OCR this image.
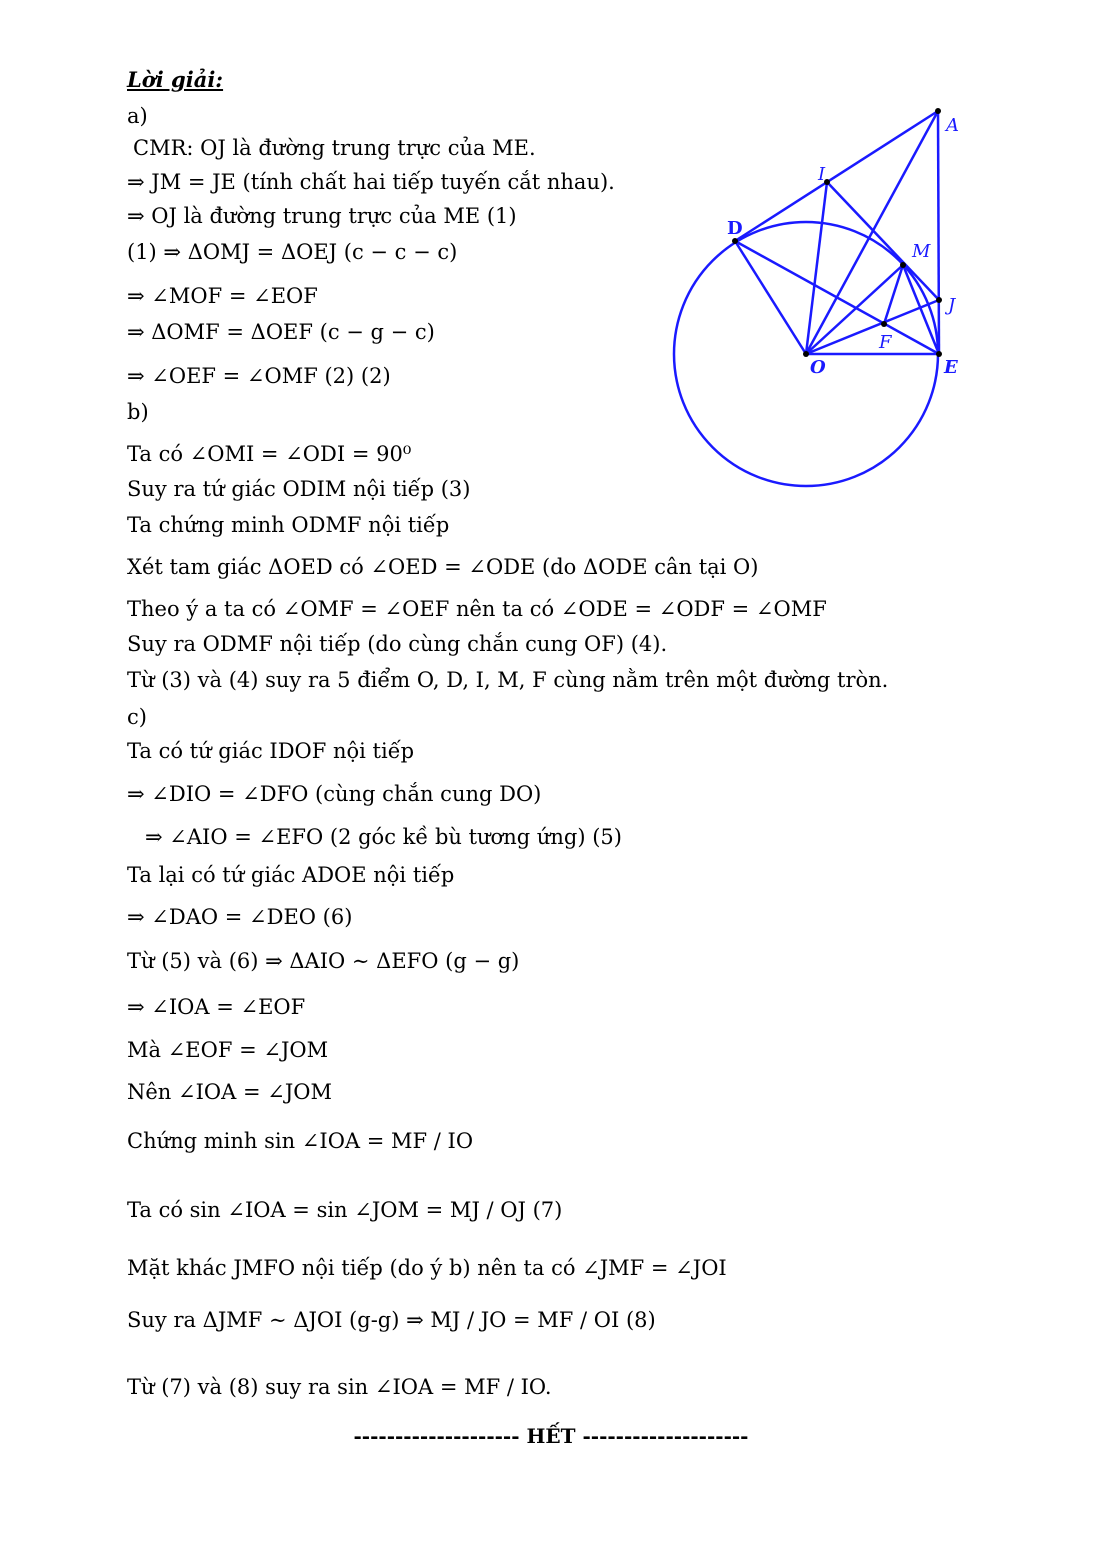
Lời giải:
a)
CMR: OJ là đường trung trực của ME.
⇒ JM = JE (tính chất hai tiếp tuyến cắt nhau).
⇒ OJ là đường trung trực của ME (1)
(1) ⇒ ΔOMJ = ΔOEJ (c − c − c)
⇒ ∠MOF = ∠EOF
⇒ ΔOMF = ΔOEF (c − g − c)
⇒ ∠OEF = ∠OMF (2) (2)
b)
Ta có ∠OMI = ∠ODI = 90⁰
Suy ra tứ giác ODIM nội tiếp (3)
Ta chứng minh ODMF nội tiếp
Xét tam giác ΔOED có ∠OED = ∠ODE (do ΔODE cân tại O)
Theo ý a ta có ∠OMF = ∠OEF nên ta có ∠ODE = ∠ODF = ∠OMF
Suy ra ODMF nội tiếp (do cùng chắn cung OF) (4).
Từ (3) và (4) suy ra 5 điểm O, D, I, M, F cùng nằm trên một đường tròn.
c)
Ta có tứ giác IDOF nội tiếp
⇒ ∠DIO = ∠DFO (cùng chắn cung DO)
⇒ ∠AIO = ∠EFO (2 góc kề bù tương ứng) (5)
Ta lại có tứ giác ADOE nội tiếp
⇒ ∠DAO = ∠DEO (6)
Từ (5) và (6) ⇒ ΔAIO ∼ ΔEFO (g − g)
⇒ ∠IOA = ∠EOF
Mà ∠EOF = ∠JOM
Nên ∠IOA = ∠JOM
Chứng minh sin ∠IOA = MF / IO
Ta có sin ∠IOA = sin ∠JOM = MJ / OJ (7)
Mặt khác JMFO nội tiếp (do ý b) nên ta có ∠JMF = ∠JOI
Suy ra ΔJMF ∼ ΔJOI (g-g) ⇒ MJ / JO = MF / OI (8)
Từ (7) và (8) suy ra sin ∠IOA = MF / IO.
-------------------- HẾT --------------------
A
I
D
M
J
F
O	E
